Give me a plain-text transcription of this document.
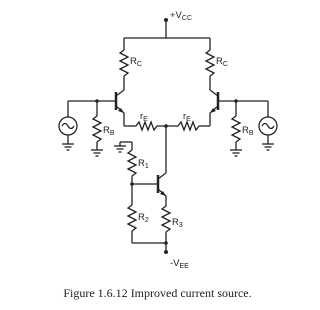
$+V_{CC}$
$R_C$	$R_C$
$R_B$	$R_B$
$r_E$	$r_E$
$R_1$
$R_2$ $R_3$
$-V_{EE}$
Figure 1.6.12 Improved current source.
